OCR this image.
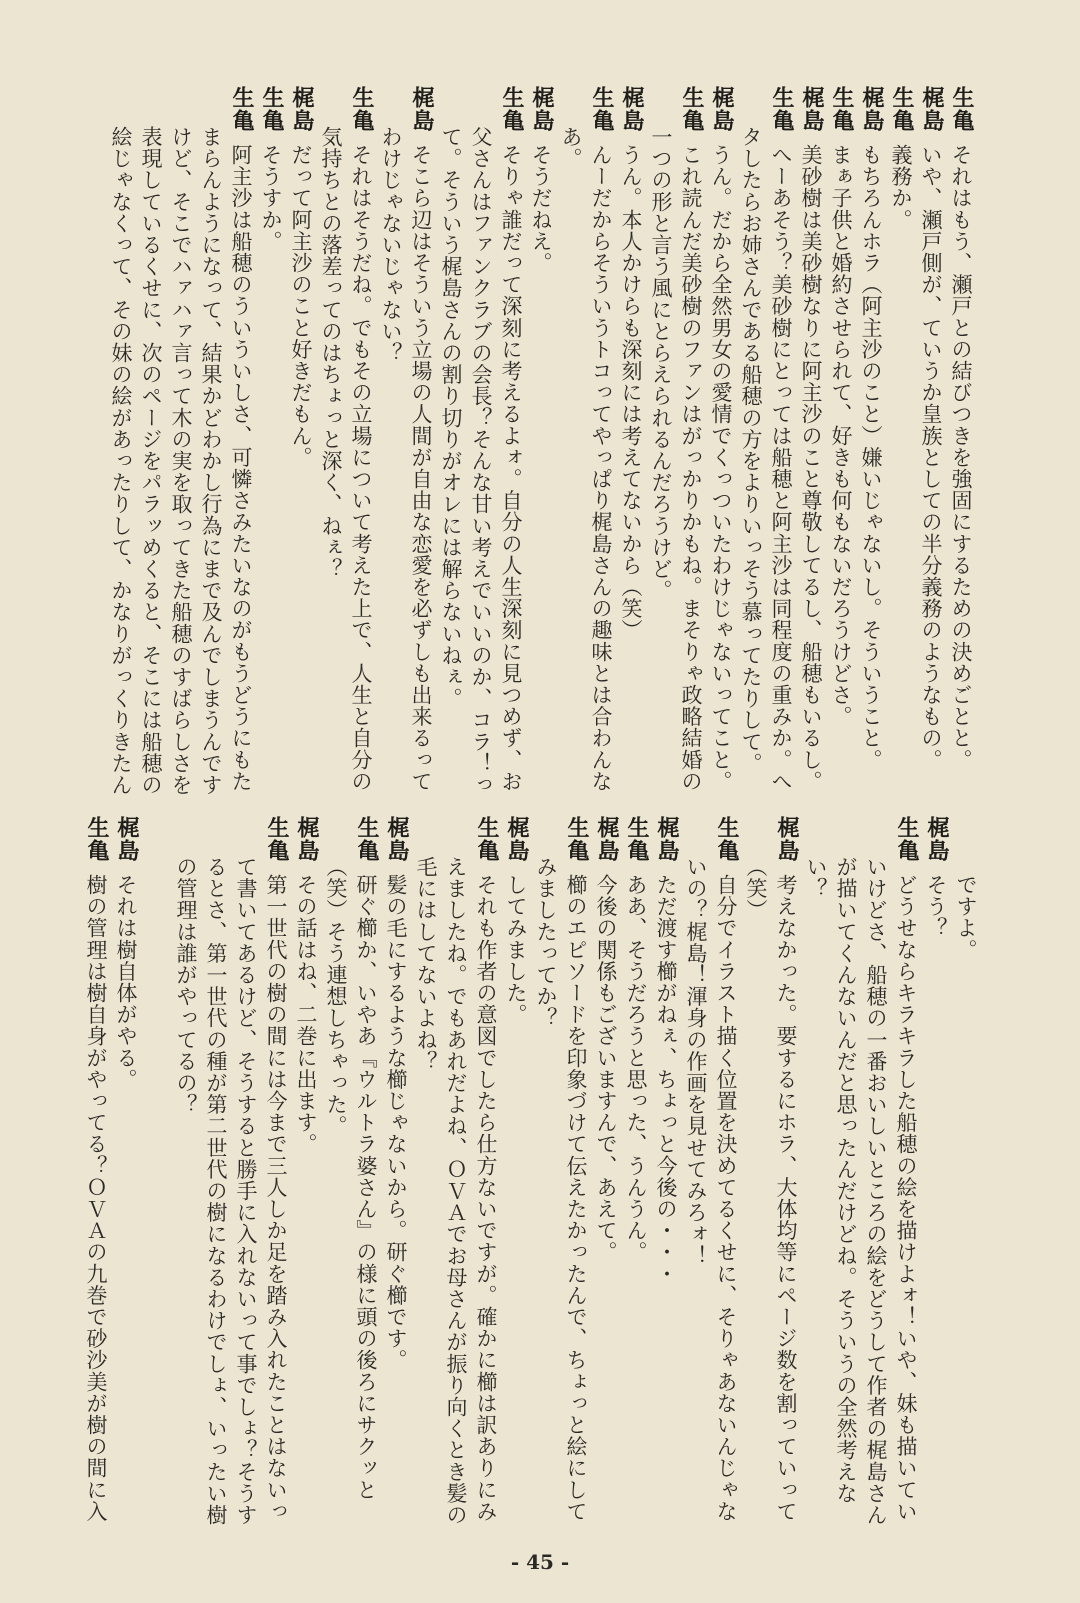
生亀
それはもう、瀬戸との結びつきを強固にするための決めごとと。
梶島
いや、瀬戸側が、ていうか皇族としての半分義務のようなもの。
生亀
義務か。
梶島
もちろんホラ（阿主沙のこと）嫌いじゃないし。そういうこと。
生亀
まぁ子供と婚約させられて、好きも何もないだろうけどさ。
梶島
美砂樹は美砂樹なりに阿主沙のこと尊敬してるし、船穂もいるし。
生亀
へーあそう？美砂樹にとっては船穂と阿主沙は同程度の重みか。へ
タしたらお姉さんである船穂の方をよりいっそう慕ってたりして。
梶島
うん。だから全然男女の愛情でくっついたわけじゃないってこと。
生亀
これ読んだ美砂樹のファンはがっかりかもね。まそりゃ政略結婚の
一つの形と言う風にとらえられるんだろうけど。
梶島
うん。本人かけらも深刻には考えてないから（笑）
生亀
んーだからそういうトコってやっぱり梶島さんの趣味とは合わんな
あ。
梶島
そうだねえ。
生亀
そりゃ誰だって深刻に考えるよォ。自分の人生深刻に見つめず、お
父さんはファンクラブの会長？そんな甘い考えでいいのか、コラ！っ
て。そういう梶島さんの割り切りがオレには解らないねぇ。
梶島
そこら辺はそういう立場の人間が自由な恋愛を必ずしも出来るって
わけじゃないじゃない？
生亀
それはそうだね。でもその立場について考えた上で、人生と自分の
気持ちとの落差ってのはちょっと深く、ねぇ？
梶島
だって阿主沙のこと好きだもん。
生亀
そうすか。
生亀
阿主沙は船穂のういういしさ、可憐さみたいなのがもうどうにもた
まらんようになって、結果かどわかし行為にまで及んでしまうんです
けど、そこでハァハァ言って木の実を取ってきた船穂のすばらしさを
表現しているくせに、次のページをパラッめくると、そこには船穂の
絵じゃなくって、その妹の絵があったりして、かなりがっくりきたん
ですよ。
梶島
そう？
生亀
どうせならキラキラした船穂の絵を描けよォ！いや、妹も描いてい
いけどさ、船穂の一番おいしいところの絵をどうして作者の梶島さん
が描いてくんないんだと思ったんだけどね。そういうの全然考えな
い？
梶島
考えなかった。要するにホラ、大体均等にページ数を割っていって
（笑）
生亀
自分でイラスト描く位置を決めてるくせに、そりゃあないんじゃな
いの？梶島！渾身の作画を見せてみろォ！
梶島
ただ渡す櫛がねぇ、ちょっと今後の・・・
生亀
ああ、そうだろうと思った、うんうん。
梶島
今後の関係もございますんで、あえて。
生亀
櫛のエピソードを印象づけて伝えたかったんで、ちょっと絵にして
みましたってか？
梶島
してみました。
生亀
それも作者の意図でしたら仕方ないですが。確かに櫛は訳ありにみ
えましたね。でもあれだよね、ＯＶＡでお母さんが振り向くとき髪の
毛にはしてないよね？
梶島
髪の毛にするような櫛じゃないから。研ぐ櫛です。
生亀
研ぐ櫛か、いやあ『ウルトラ婆さん』の様に頭の後ろにサクッと
（笑）そう連想しちゃった。
梶島
その話はね、二巻に出ます。
生亀
第一世代の樹の間には今まで三人しか足を踏み入れたことはないっ
て書いてあるけど、そうすると勝手に入れないって事でしょ？そうす
るとさ、第一世代の種が第二世代の樹になるわけでしょ、いったい樹
の管理は誰がやってるの？
梶島
それは樹自体がやる。
生亀
樹の管理は樹自身がやってる？ＯＶＡの九巻で砂沙美が樹の間に入
- 45 -
